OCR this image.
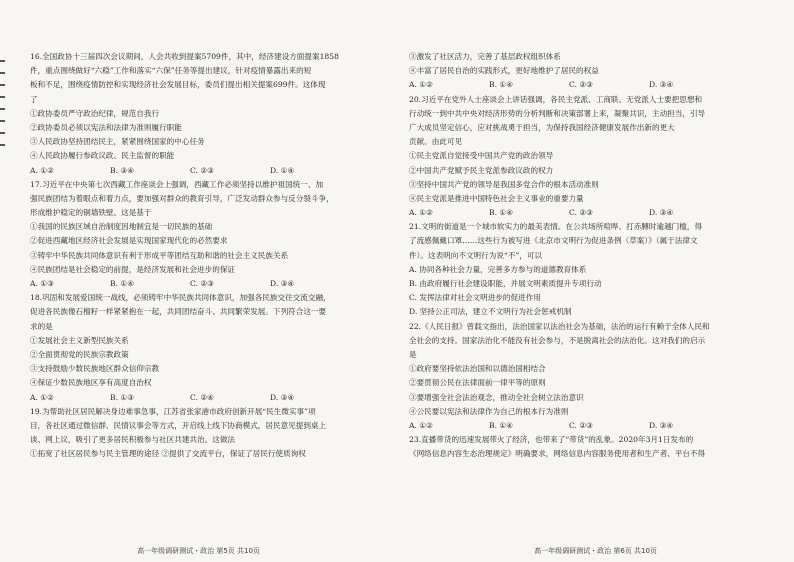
16.全国政协十三届四次会议期间，人会共收到提案5709件，其中，经济建设方面提案1858
件，重点围绕做好“六稳”工作和落实“六保”任务等提出建议，针对疫情暴露出来的短
板和不足，围绕疫情防控和实现经济社会发展目标，委员们提出相关提案699件。这体现
了
①政协委员严守政治纪律，规范自我行
②政协委员必须以宪法和法律为准则履行职能
③人民政协坚持团结民主，紧紧围绕国家的中心任务
④人民政协履行参政议政、民主监督的职能
A. ①②	B. ③④	C. ②③	D. ①④
17.习近平在中央第七次西藏工作座谈会上强调，西藏工作必须坚持以维护祖国统一、加
强民族团结为着眼点和着力点，要加强对群众的教育引导，广泛发动群众参与反分裂斗争，
形成维护稳定的铜墙铁壁。这是基于
①我国的民族区域自治制度因地制宜是一切民族的基础
②促进西藏地区经济社会发展是实现国家现代化的必然要求
③铸牢中华民族共同体意识有利于形成平等团结互助和谐的社会主义民族关系
④民族团结是社会稳定的前提，是经济发展和社会进步的保证
A. ①③	B. ①④	C. ②③	D. ③④
18.巩固和发展爱国统一战线，必须铸牢中华民族共同体意识，加强各民族交往交流交融，
促进各民族像石榴籽一样紧紧抱在一起，共同团结奋斗、共同繁荣发展。下列符合这一要
求的是
①发展社会主义新型民族关系
②全面贯彻党的民族宗教政策
③支持鼓励少数民族地区群众信仰宗教
④保证少数民族地区享有高度自治权
A. ①②	B. ①③	C. ②④	D. ③④
19.为帮助社区居民解决身边难事急事，江苏省张家港市政府创新开展“民生微实事”项
目，各社区通过微信群、民情议事会等方式，开启线上线下协商模式，居民意见提到桌上
谈、网上议，吸引了更多居民积极参与社区共建共治。这做法
①拓宽了社区居民参与民主管理的途径 ②提供了交流平台，保证了居民行使质询权
高一年级调研测试・政治 第5页 共10页
③激发了社区活力，完善了基层政权组织体系
④丰富了居民自治的实践形式，更好地维护了居民的权益
A. ①②	B. ①④	C. ②③	D. ③④
20.习近平在党外人士座谈会上讲话强调，各民主党派、工商联、无党派人士要把思想和
行动统一到中共中央对经济形势的分析判断和决策部署上来，凝聚共识，主动担当，引导
广大成员坚定信心，应对挑战勇于担当，为保持我国经济健康发展作出新的更大
贡献。由此可见
①民主党派自觉接受中国共产党的政治领导
②中国共产党赋予民主党派参政议政的权力
③坚持中国共产党的领导是我国多党合作的根本活动准则
④民主党派是推进中国特色社会主义事业的重要力量
A. ①②	B. ①④	C. ②③	D. ③④
21.文明的街道是一个城市软实力的最美表情。在公共场所喧哗、打赤膊时逾越门槛，得
了流感佩戴口罩……这些行为被写进《北京市文明行为促进条例（草案）》（属于法律文
件）。这表明向不文明行为说“不”，可以
A. 协同各种社会力量，完善多方参与的道德教育体系
B. 由政府履行社会建设职能，并展文明素质提升专项行动
C. 发挥法律对社会文明进步的促进作用
D. 坚持公正司法，建立不文明行为社会惩戒机制
22.《人民日报》曾载文指出，法治国家以法治社会为基础，法治的运行有赖于全体人民和
全社会的支持。国家法治化不能没有社会参与，不是脱离社会的法治化。这对我们的启示
是
①政府要坚持依法治国和以德治国相结合
②要贯彻公民在法律面前一律平等的原则
③要增强全社会法治观念，推动全社会树立法治意识
④公民要以宪法和法律作为自己的根本行为准则
A. ①②	B. ①④	C. ②③	D. ③④
23.直播带货的迅速发展带火了经济，也带来了“带货”的乱象。2020年3月1日发布的
《网络信息内容生态治理规定》明确要求，网络信息内容服务使用者和生产者、平台不得
高一年级调研测试・政治 第6页 共10页
